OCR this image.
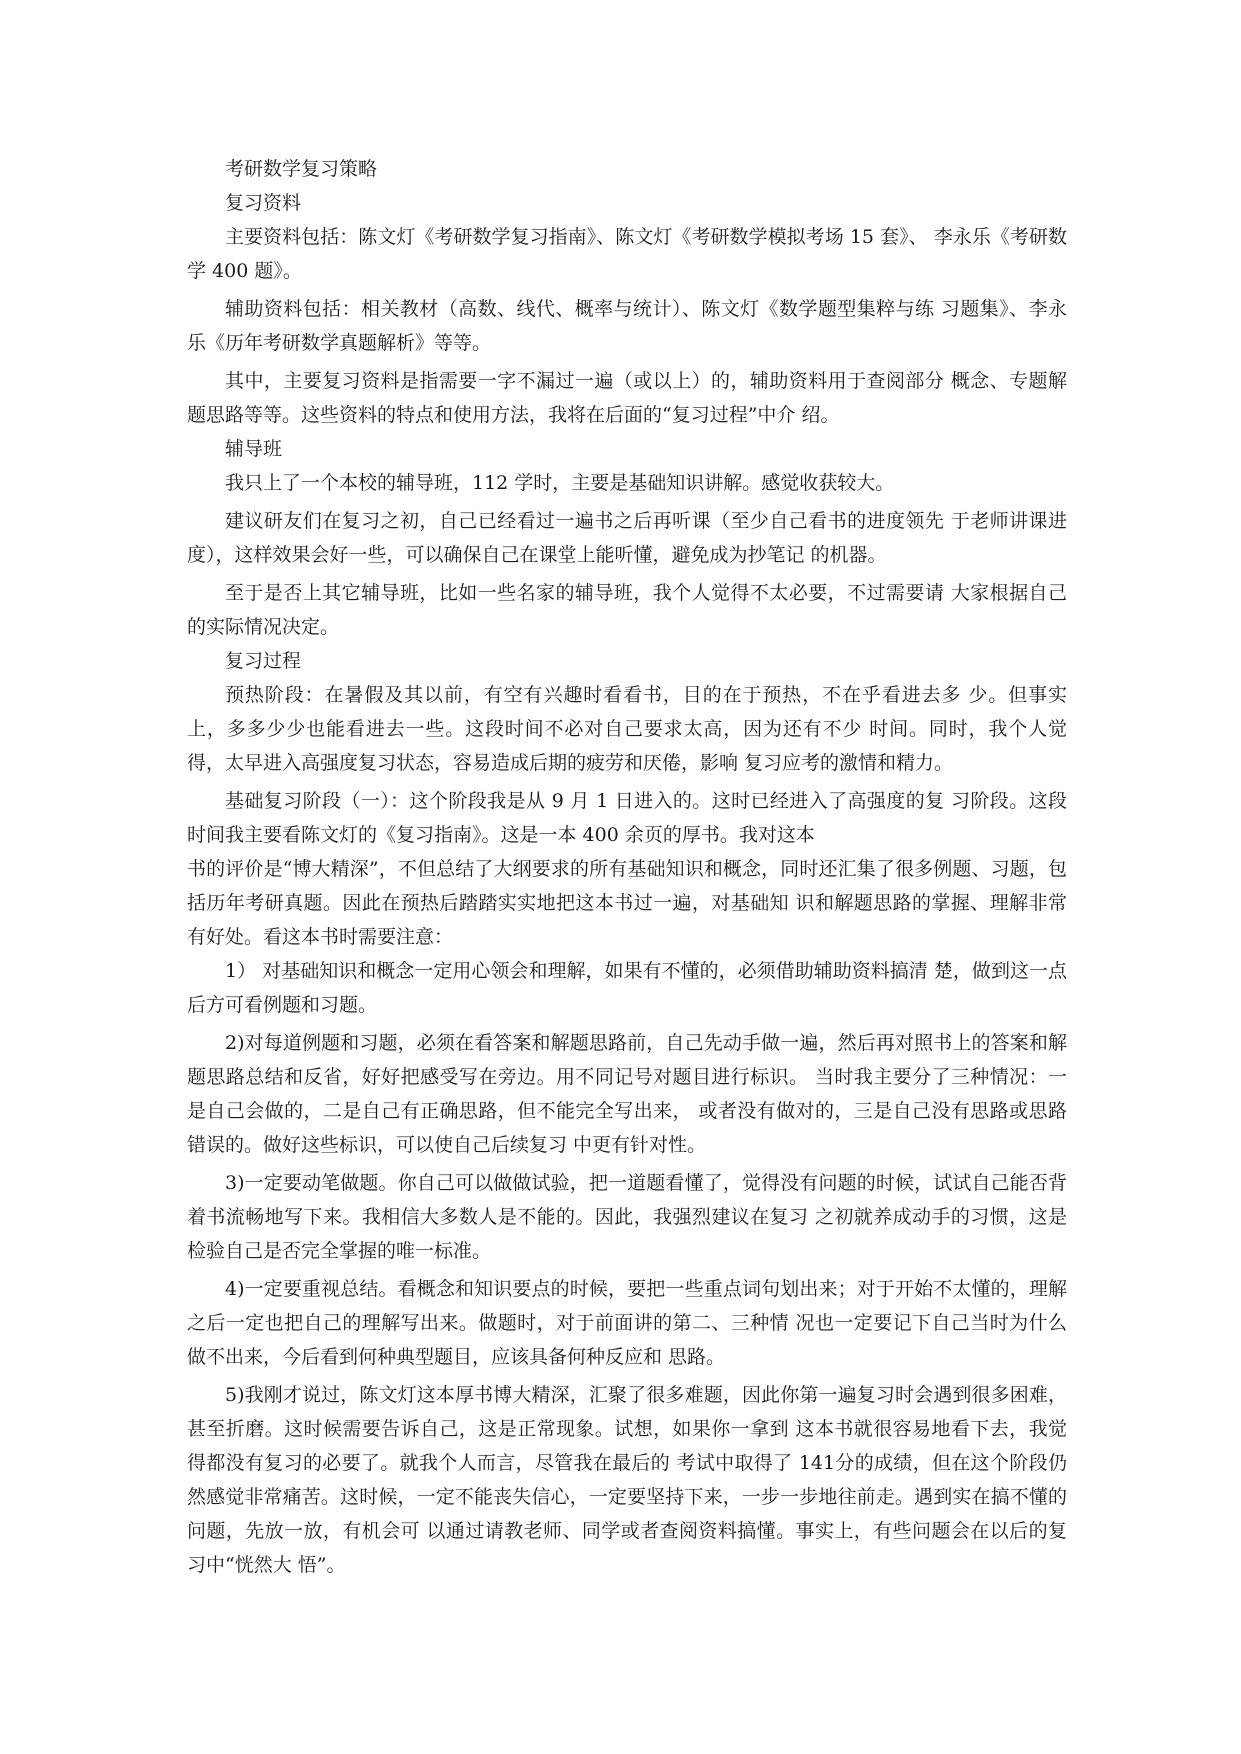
考研数学复习策略
复习资料
主要资料包括：陈文灯《考研数学复习指南》、陈文灯《考研数学模拟考场 15 套》、 李永乐《考研数学 400 题》。
辅助资料包括：相关教材（高数、线代、概率与统计）、陈文灯《数学题型集粹与练 习题集》、李永乐《历年考研数学真题解析》等等。
其中，主要复习资料是指需要一字不漏过一遍（或以上）的，辅助资料用于查阅部分 概念、专题解题思路等等。这些资料的特点和使用方法，我将在后面的“复习过程”中介 绍。
辅导班
我只上了一个本校的辅导班，112 学时，主要是基础知识讲解。感觉收获较大。
建议研友们在复习之初，自己已经看过一遍书之后再听课（至少自己看书的进度领先 于老师讲课进度），这样效果会好一些，可以确保自己在课堂上能听懂，避免成为抄笔记 的机器。
至于是否上其它辅导班，比如一些名家的辅导班，我个人觉得不太必要，不过需要请 大家根据自己的实际情况决定。
复习过程
预热阶段：在暑假及其以前，有空有兴趣时看看书，目的在于预热，不在乎看进去多 少。但事实上，多多少少也能看进去一些。这段时间不必对自己要求太高，因为还有不少 时间。同时，我个人觉得，太早进入高强度复习状态，容易造成后期的疲劳和厌倦，影响 复习应考的激情和精力。
基础复习阶段（一）：这个阶段我是从 9 月 1 日进入的。这时已经进入了高强度的复 习阶段。这段时间我主要看陈文灯的《复习指南》。这是一本 400 余页的厚书。我对这本
书的评价是“博大精深”，不但总结了大纲要求的所有基础知识和概念，同时还汇集了很多例题、习题，包括历年考研真题。因此在预热后踏踏实实地把这本书过一遍，对基础知 识和解题思路的掌握、理解非常有好处。看这本书时需要注意：
1） 对基础知识和概念一定用心领会和理解，如果有不懂的，必须借助辅助资料搞清 楚，做到这一点后方可看例题和习题。
2)对每道例题和习题，必须在看答案和解题思路前，自己先动手做一遍，然后再对照书上的答案和解题思路总结和反省，好好把感受写在旁边。用不同记号对题目进行标识。 当时我主要分了三种情况：一是自己会做的，二是自己有正确思路，但不能完全写出来， 或者没有做对的，三是自己没有思路或思路错误的。做好这些标识，可以使自己后续复习 中更有针对性。
3)一定要动笔做题。你自己可以做做试验，把一道题看懂了，觉得没有问题的时候，试试自己能否背着书流畅地写下来。我相信大多数人是不能的。因此，我强烈建议在复习 之初就养成动手的习惯，这是检验自己是否完全掌握的唯一标准。
4)一定要重视总结。看概念和知识要点的时候，要把一些重点词句划出来；对于开始不太懂的，理解之后一定也把自己的理解写出来。做题时，对于前面讲的第二、三种情 况也一定要记下自己当时为什么做不出来，今后看到何种典型题目，应该具备何种反应和 思路。
5)我刚才说过，陈文灯这本厚书博大精深，汇聚了很多难题，因此你第一遍复习时会遇到很多困难，甚至折磨。这时候需要告诉自己，这是正常现象。试想，如果你一拿到 这本书就很容易地看下去，我觉得都没有复习的必要了。就我个人而言，尽管我在最后的 考试中取得了 141分的成绩，但在这个阶段仍然感觉非常痛苦。这时候，一定不能丧失信心，一定要坚持下来，一步一步地往前走。遇到实在搞不懂的问题，先放一放，有机会可 以通过请教老师、同学或者查阅资料搞懂。事实上，有些问题会在以后的复习中“恍然大 悟”。
